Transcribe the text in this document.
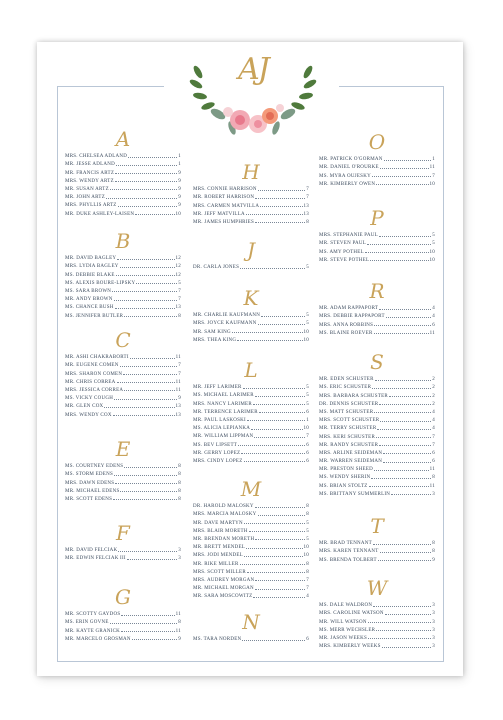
AJ
A
MRS. CHELSEA ADLAND	1
MR. JESSE ADLAND	1
MR. FRANCIS ARTZ	9
MRS. WENDY ARTZ	9
MR. SUSAN ARTZ	9
MR. JOHN ARTZ	9
MRS. PHYLLIS ARTZ	9
MR. DUKE ASHLEY-LAISEN	10
B
MR. DAVID BAGLEY	12
MRS. LYDIA BAGLEY	12
MS. DEBBIE BLAKE	12
MS. ALEXIS BOURE-LIPSKY	5
MS. SARA BROWN	7
MR. ANDY BROWN	7
MS. CHANCE BUSH	13
MS. JENNIFER BUTLER	8
C
MR. ASHI CHAKRABORTI	11
MR. EUGENE COMEN	7
MRS. SHARON COMEN	7
MR. CHRIS CORREA	11
MRS. JESSICA CORREA	11
MS. VICKY COUGH	9
MR. GLEN COX	13
MRS. WENDY COX	13
E
MS. COURTNEY EDENS	8
MS. STORM EDENS	8
MRS. DAWN EDENS	8
MR. MICHAEL EDENS	8
MR. SCOTT EDENS	8
F
MR. DAVID FELCIAK	3
MR. EDWIN FELCIAK III	3
G
MR. SCOTTY GAYDOS	11
MS. ERIN GOVNE	8
MR. KAYTE GRANICK	11
MR. MARCELO GROSMAN	9
H
MRS. CONNIE HARRISON	7
MR. ROBERT HARRISON	7
MRS. CARMEN MATVILLA	13
MR. JEFF MATVILLA	13
MR. JAMES HUMPHRIES	8
J
DR. CARLA JONES	5
K
MR. CHARLIE KAUFMANN	5
MRS. JOYCE KAUFMANN	5
MR. SAM KING	10
MRS. THEA KING	10
L
MR. JEFF LARIMER	5
MS. MICHAEL LARIMER	5
MRS. NANCY LARIMER	5
MR. TERRENCE LARIMER	6
MR. PAUL LASKOSKI	1
MS. ALICIA LEPIANKA	10
MR. WILLIAM LIPPMAN	7
MS. BEV LIPSETT	6
MR. GERRY LOPEZ	6
MRS. CINDY LOPEZ	6
M
DR. HAROLD MALOSKY	8
MRS. MARCIA MALOSKY	8
MR. DAVE MARTYN	5
MRS. BLAIR MORETH	5
MR. BRENDAN MORETH	5
MR. BRETT MENDEL	10
MRS. JODI MENDEL	10
MR. RIKE MILLER	8
MRS. SCOTT MILLER	8
MRS. AUDREY MORGAN	7
MR. MICHAEL MORGAN	7
MR. SARA MOSCOWITZ	4
N
MS. TARA NORDEN	6
O
MR. PATRICK O'GORMAN	1
MR. DANIEL O'ROURKE	11
MS. MYRA OUJESKY	7
MR. KIMBERLY OWEN	10
P
MRS. STEPHANIE PAUL	5
MR. STEVEN PAUL	5
MS. AMY POTHEL	10
MR. STEVE POTHEL	10
R
MR. ADAM RAPPAPORT	4
MRS. DEBBIE RAPPAPORT	4
MRS. ANNA ROBBINS	6
MS. BLAINE ROEVER	11
S
MR. EDEN SCHUSTER	2
MS. ERIC SCHUSTER	2
MRS. BARBARA SCHUSTER	2
DR. DENNIS SCHUSTER	2
MS. MATT SCHUSTER	4
MRS. SCOTT SCHUSTER	4
MR. TERRY SCHUSTER	4
MRS. KERI SCHUSTER	7
MR. RANDY SCHUSTER	7
MRS. ARLINE SEIDEMAN	6
MR. WARREN SEIDEMAN	6
MR. PRESTON SHEED	11
MS. WENDY SHERIN	8
MS. BRIAN STOLTZ	11
MS. BRITTANY SUMMERLIN	3
T
MR. BRAD TENNANT	8
MRS. KAREN TENNANT	8
MS. BRENDA TOLBERT	9
W
MS. DALE WALDRON	3
MRS. CAROLINE WATSON	3
MR. WILL WATSON	3
MS. MERR WECHSLER	3
MR. JASON WEEKS	3
MRS. KIMBERLY WEEKS	3
